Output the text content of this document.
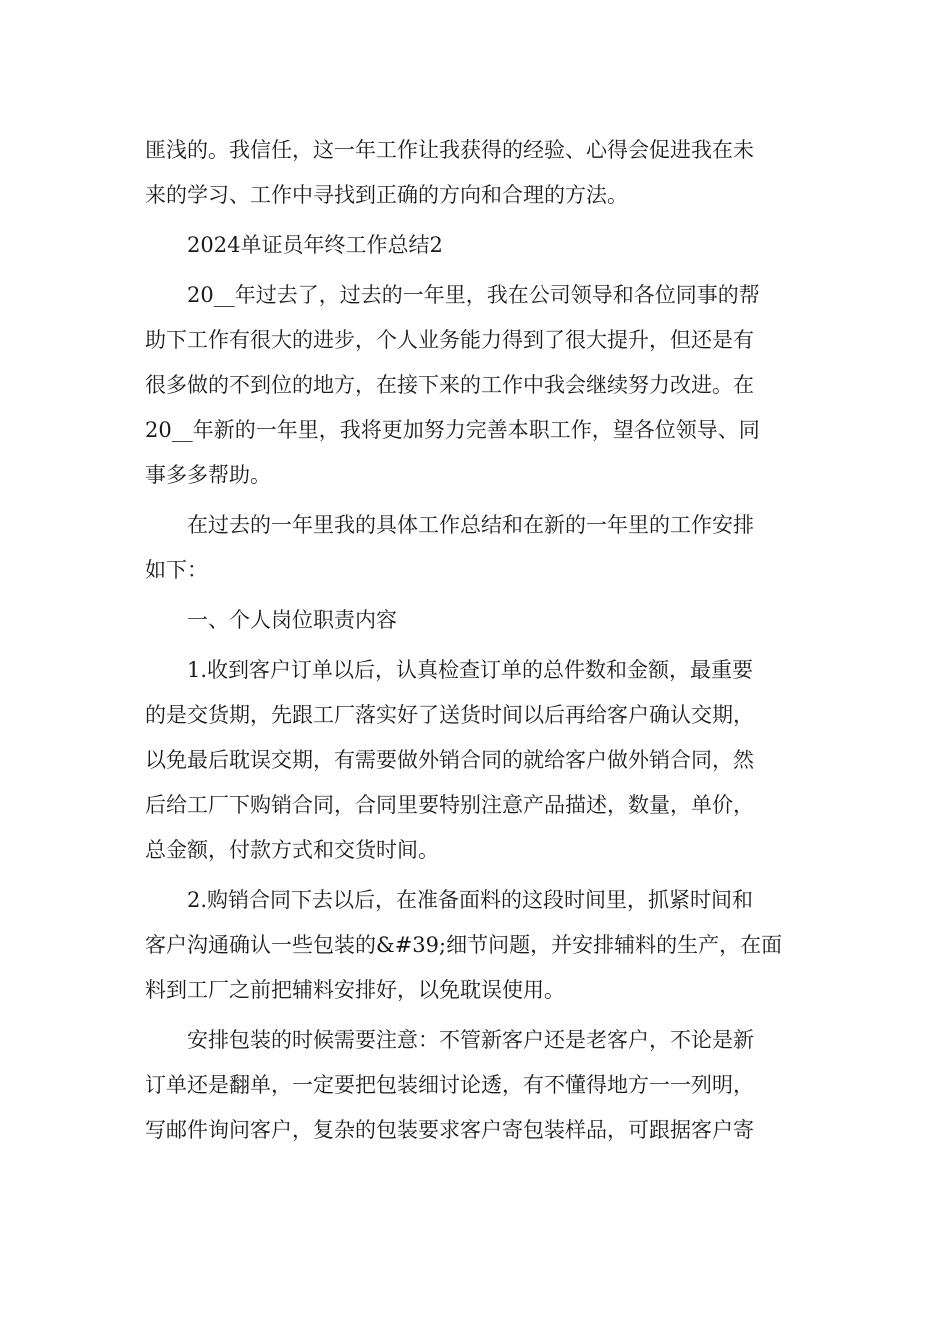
匪浅的。我信任，这一年工作让我获得的经验、心得会促进我在未
来的学习、工作中寻找到正确的方向和合理的方法。
2024单证员年终工作总结2
20__年过去了，过去的一年里，我在公司领导和各位同事的帮
助下工作有很大的进步，个人业务能力得到了很大提升，但还是有
很多做的不到位的地方，在接下来的工作中我会继续努力改进。在
20__年新的一年里，我将更加努力完善本职工作，望各位领导、同
事多多帮助。
在过去的一年里我的具体工作总结和在新的一年里的工作安排
如下：
一、个人岗位职责内容
1.收到客户订单以后，认真检查订单的总件数和金额，最重要
的是交货期，先跟工厂落实好了送货时间以后再给客户确认交期，
以免最后耽误交期，有需要做外销合同的就给客户做外销合同，然
后给工厂下购销合同，合同里要特别注意产品描述，数量，单价，
总金额，付款方式和交货时间。
2.购销合同下去以后，在准备面料的这段时间里，抓紧时间和
客户沟通确认一些包装的&#39;细节问题，并安排辅料的生产，在面
料到工厂之前把辅料安排好，以免耽误使用。
安排包装的时候需要注意：不管新客户还是老客户，不论是新
订单还是翻单，一定要把包装细讨论透，有不懂得地方一一列明，
写邮件询问客户，复杂的包装要求客户寄包装样品，可跟据客户寄
